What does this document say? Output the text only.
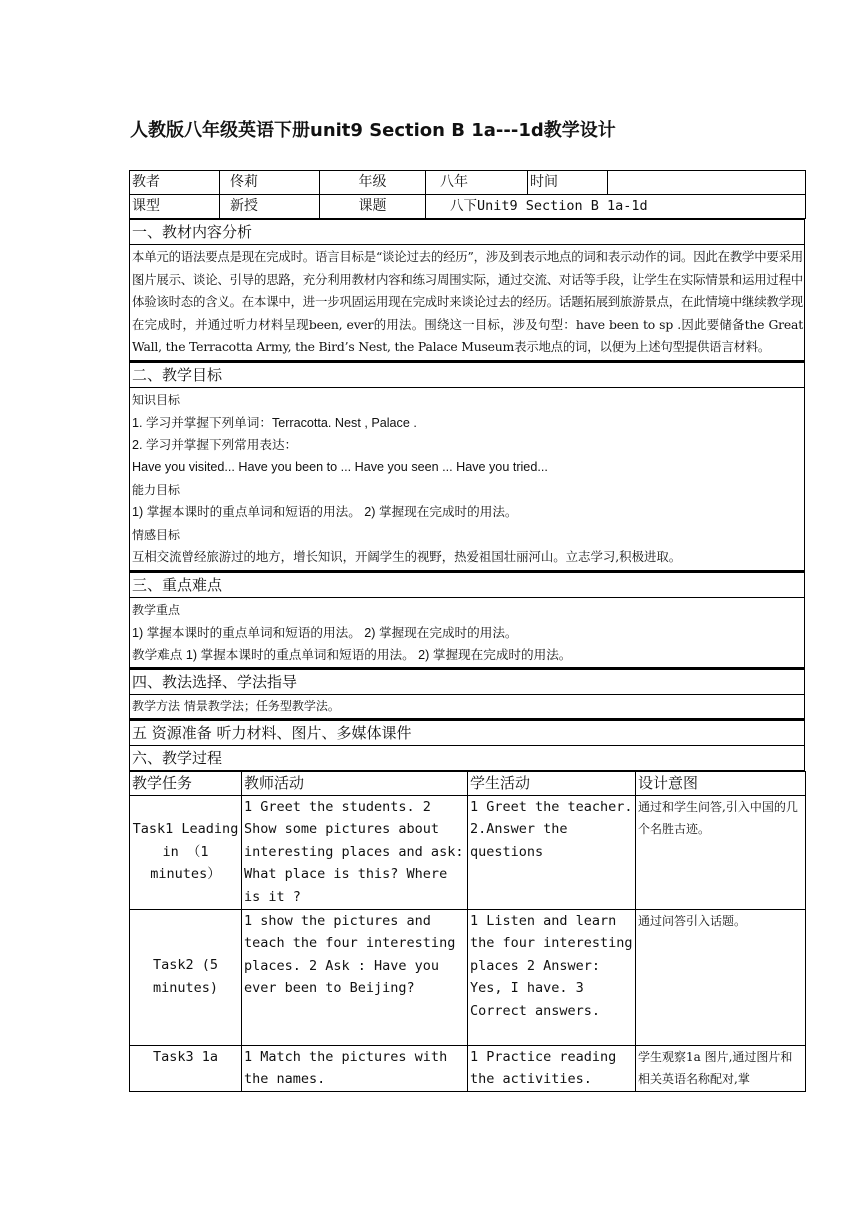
人教版八年级英语下册unit9 Section B 1a---1d教学设计
教者	佟莉	年级	八年	时间	
课型	新授	课题	八下Unit9 Section B 1a-1d		
一、教材内容分析
本单元的语法要点是现在完成时。语言目标是“谈论过去的经历”，涉及到表示地点的词和表示动作的词。因此在教学中要采用图片展示、谈论、引导的思路，充分利用教材内容和练习周围实际，通过交流、对话等手段，让学生在实际情景和运用过程中体验该时态的含义。在本课中，进一步巩固运用现在完成时来谈论过去的经历。话题拓展到旅游景点，在此情境中继续教学现在完成时，并通过听力材料呈现been, ever的用法。围绕这一目标，涉及句型：have been to sp .因此要储备the Great Wall, the Terracotta Army, the Bird’s Nest, the Palace Museum表示地点的词，以便为上述句型提供语言材料。
二、教学目标

知识目标
1. 学习并掌握下列单词：Terracotta. Nest , Palace .
2. 学习并掌握下列常用表达：
Have you visited... Have you been to ... Have you seen ... Have you tried...
能力目标
1) 掌握本课时的重点单词和短语的用法。 2) 掌握现在完成时的用法。
情感目标
互相交流曾经旅游过的地方，增长知识，开阔学生的视野，热爱祖国壮丽河山。立志学习,积极进取。

三、重点难点

教学重点
1) 掌握本课时的重点单词和短语的用法。 2) 掌握现在完成时的用法。
教学难点 1) 掌握本课时的重点单词和短语的用法。 2) 掌握现在完成时的用法。

四、教法选择、学法指导
教学方法 情景教学法；任务型教学法。
五 资源准备 听力材料、图片、多媒体课件
六、教学过程
教学任务	教师活动	学生活动	设计意图
Task1 Leading in （1 minutes）	1 Greet the students. 2 Show some pictures about interesting places and ask: What place is this? Where is it ?	1 Greet the teacher. 2.Answer the questions	通过和学生问答,引入中国的几个名胜古迹。
Task2 (5 minutes)	1 show the pictures and teach the four interesting places. 2 Ask : Have you ever been to Beijing?	1 Listen and learn the four interesting places 2 Answer: Yes, I have. 3 Correct answers.	通过问答引入话题。
Task3 1a	1 Match the pictures with the names.	1 Practice reading the activities.	学生观察1a 图片,通过图片和相关英语名称配对,掌
